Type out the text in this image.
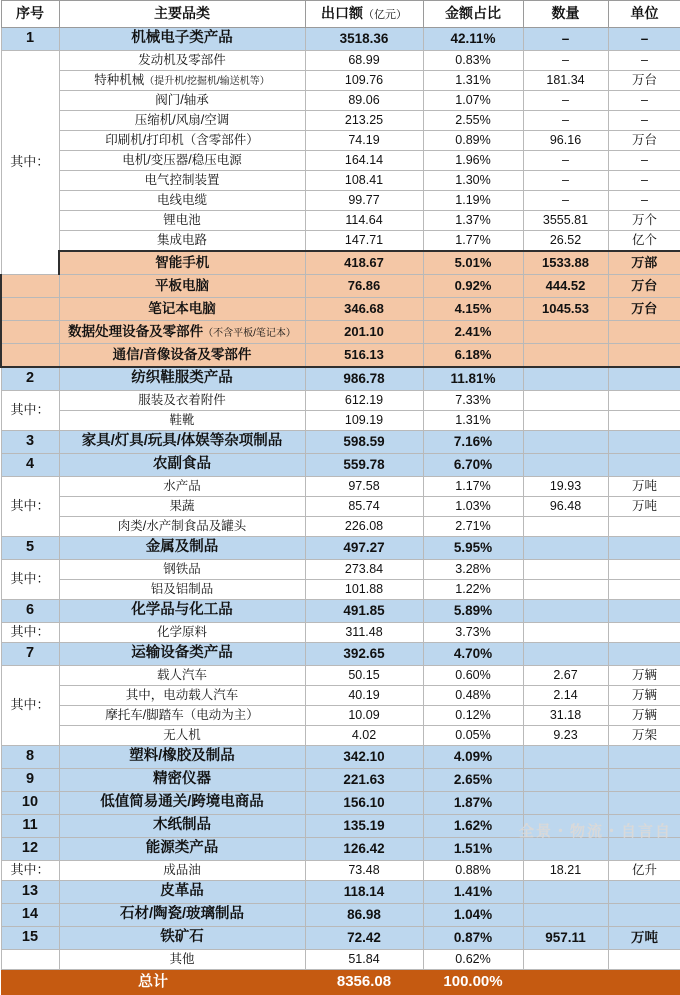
序号	主要品类	出口额（亿元）	金额占比	数量	单位
1	机械电子类产品	3518.36	42.11%	–	–
其中：	发动机及零部件	68.99	0.83%	–	–
	特种机械（提升机/挖掘机/输送机等）	109.76	1.31%	181.34	万台
	阀门/轴承	89.06	1.07%	–	–
	压缩机/风扇/空调	213.25	2.55%	–	–
	印刷机/打印机（含零部件）	74.19	0.89%	96.16	万台
	电机/变压器/稳压电源	164.14	1.96%	–	–
	电气控制装置	108.41	1.30%	–	–
	电线电缆	99.77	1.19%	–	–
	锂电池	114.64	1.37%	3555.81	万个
	集成电路	147.71	1.77%	26.52	亿个
	智能手机	418.67	5.01%	1533.88	万部
	平板电脑	76.86	0.92%	444.52	万台
	笔记本电脑	346.68	4.15%	1045.53	万台
	数据处理设备及零部件（不含平板/笔记本）	201.10	2.41%		
	通信/音像设备及零部件	516.13	6.18%		
2	纺织鞋服类产品	986.78	11.81%		
其中：	服装及衣着附件	612.19	7.33%		
	鞋靴	109.19	1.31%		
3	家具/灯具/玩具/体娱等杂项制品	598.59	7.16%		
4	农副食品	559.78	6.70%		
其中：	水产品	97.58	1.17%	19.93	万吨
	果蔬	85.74	1.03%	96.48	万吨
	肉类/水产制食品及罐头	226.08	2.71%		
5	金属及制品	497.27	5.95%		
其中：	钢铁品	273.84	3.28%		
	铝及铝制品	101.88	1.22%		
6	化学品与化工品	491.85	5.89%		
其中：	化学原料	311.48	3.73%		
7	运输设备类产品	392.65	4.70%		
其中：	载人汽车	50.15	0.60%	2.67	万辆
	其中，电动载人汽车	40.19	0.48%	2.14	万辆
	摩托车/脚踏车（电动为主）	10.09	0.12%	31.18	万辆
	无人机	4.02	0.05%	9.23	万架
8	塑料/橡胶及制品	342.10	4.09%		
9	精密仪器	221.63	2.65%		
10	低值简易通关/跨境电商品	156.10	1.87%		
11	木纸制品	135.19	1.62%		
12	能源类产品	126.42	1.51%		
其中：	成品油	73.48	0.88%	18.21	亿升
13	皮革品	118.14	1.41%		
14	石材/陶瓷/玻璃制品	86.98	1.04%		
15	铁矿石	72.42	0.87%	957.11	万吨
	其他	51.84	0.62%		
总计		8356.08	100.00%		
全景・物流・自言自
